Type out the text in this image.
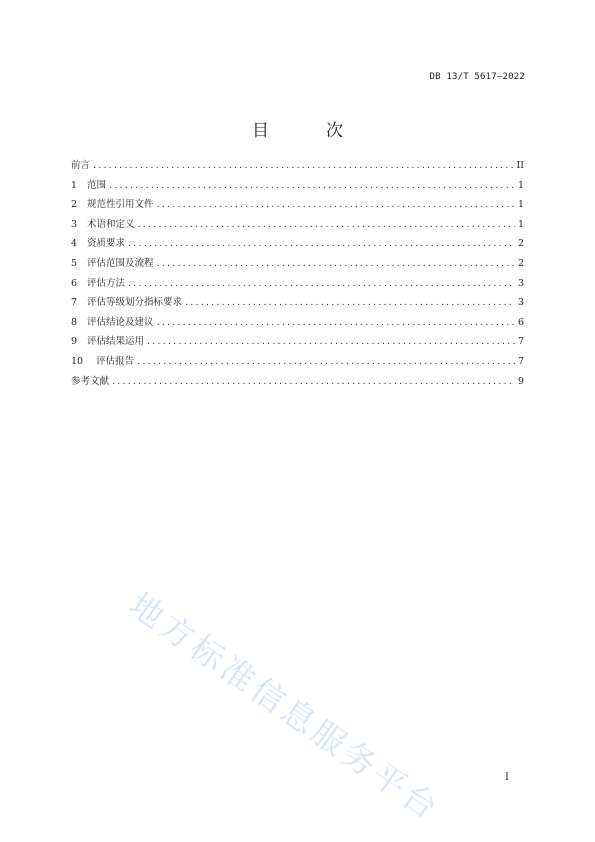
DB 13/T 5617—2022
目　次
前言 .....	II
1 范围 .....	1
2 规范性引用文件 .....	1
3 术语和定义 .....	1
4 资质要求 .....	2
5 评估范围及流程 .....	2
6 评估方法 .....	3
7 评估等级划分指标要求 .....	3
8 评估结论及建议 .....	6
9 评估结果运用 .....	7
10 评估报告 .....	7
参考文献 .....	9
地方标准信息服务平台	I
